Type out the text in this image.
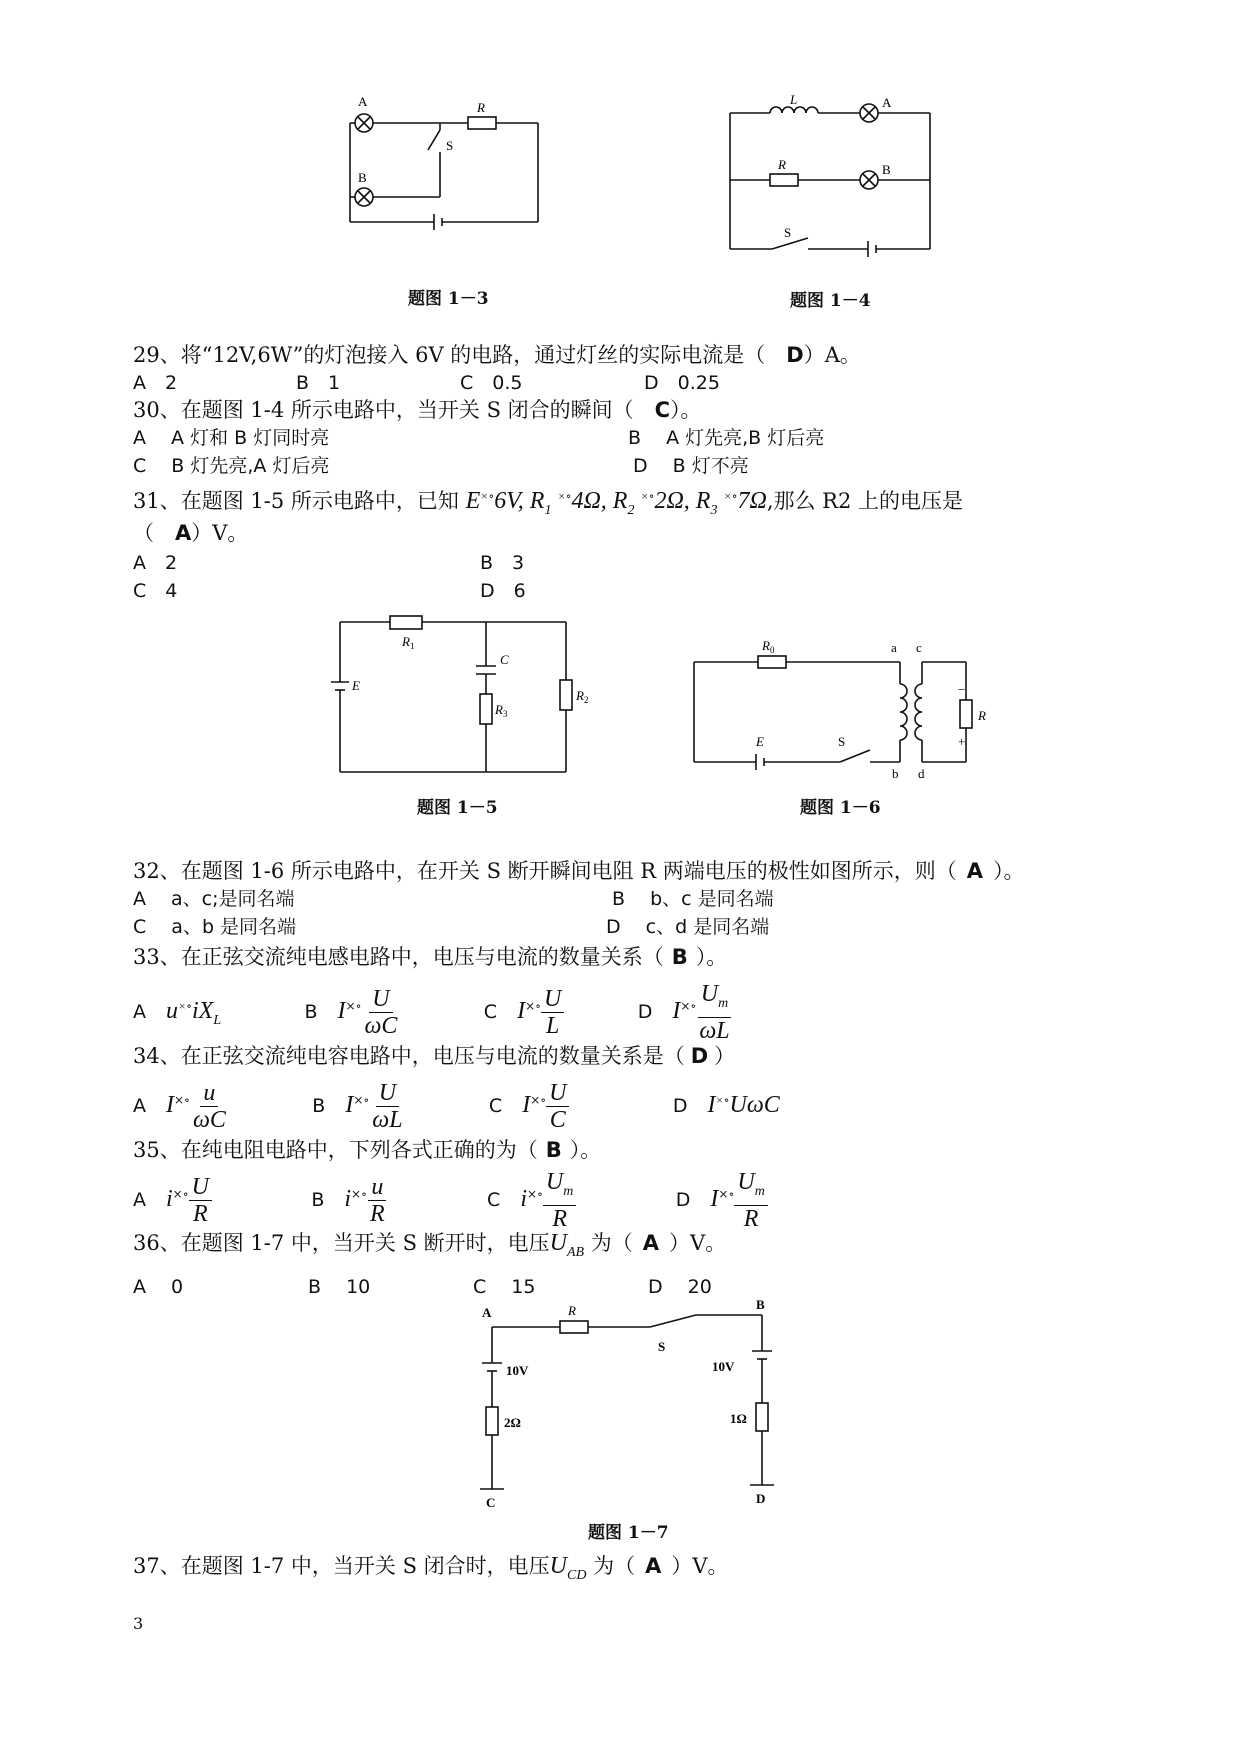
A
B
S
R
题图 1－3
L	A
R	B
S
题图 1－4
29、将“12V,6W”的灯泡接入 6V 的电路，通过灯丝的实际电流是（　D）A。
A　2	B　1	C　0.5	D　0.25
30、在题图 1-4 所示电路中，当开关 S 闭合的瞬间（　C）。
A　 A 灯和 B 灯同时亮	B　 A 灯先亮,B 灯后亮
C　 B 灯先亮,A 灯后亮	D　 B 灯不亮
31、在题图 1-5 所示电路中，已知 E×∘6V, $R_1$ ×∘4Ω, $R_2$ ×∘2Ω, $R_3$ ×∘7Ω,那么 R2 上的电压是
（　A）V。
A　2	B　3
C　4	D　6
$R_1$
C
E
$R_3$
$R_2$
题图 1－5
$R_0$	a c
E	S
b d
R
−
+
题图 1－6
32、在题图 1-6 所示电路中，在开关 S 断开瞬间电阻 R 两端电压的极性如图所示，则（ A ）。
A　 a、c;是同名端	B　 b、c 是同名端
C　 a、b 是同名端	D　 c、d 是同名端
33、在正弦交流纯电感电路中，电压与电流的数量关系（ B ）。
A $u^{\times\circ}iX_L$	B $I^{\times\circ} \frac{U}{\omega C}$	C $I^{\times\circ} \frac{U}{L}$	D $I^{\times\circ} \frac{U_m}{\omega L}$
34、在正弦交流纯电容电路中，电压与电流的数量关系是（ D ）
A $I^{\times\circ} \frac{u}{\omega C}$	B $I^{\times\circ} \frac{U}{\omega L}$	C $I^{\times\circ} \frac{U}{C}$	D I×∘UωC
35、在纯电阻电路中，下列各式正确的为（ B ）。
A $i^{\times\circ} \frac{U}{R}$	B $i^{\times\circ} \frac{u}{R}$	C $i^{\times\circ} \frac{U_m}{R}$	D $I^{\times\circ} \frac{U_m}{R}$
36、在题图 1-7 中，当开关 S 断开时，电压$U_{AB}$ 为（ A ）V。
A　 0	B　 10	C　 15	D　 20
A	R	B
S
10V	10V
2Ω	1Ω
C	D
题图 1－7
37、在题图 1-7 中，当开关 S 闭合时，电压$U_{CD}$ 为（ A ）V。
3
